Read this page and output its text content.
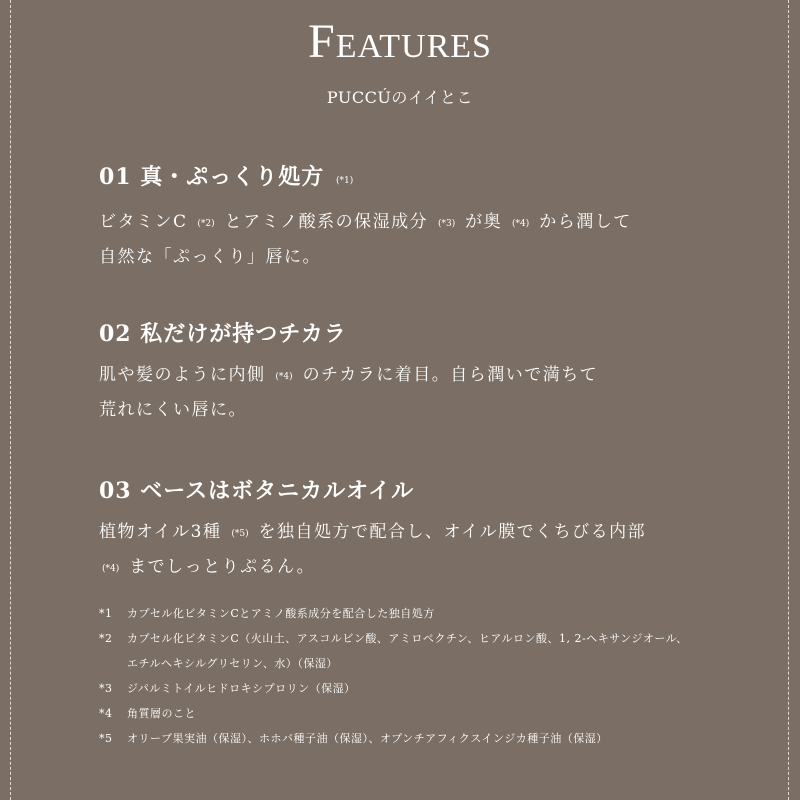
Features
PUCCÚのイイとこ
01 真・ぷっくり処方 (*1)
ビタミンC (*2) とアミノ酸系の保湿成分 (*3) が奥 (*4) から潤して
自然な「ぷっくり」唇に。
02 私だけが持つチカラ
肌や髪のように内側 (*4) のチカラに着目。自ら潤いで満ちて
荒れにくい唇に。
03 ベースはボタニカルオイル
植物オイル3種 (*5) を独自処方で配合し、オイル膜でくちびる内部
(*4) までしっとりぷるん。
*1	カプセル化ビタミンCとアミノ酸系成分を配合した独自処方
*2	カプセル化ビタミンC（火山土、アスコルビン酸、アミロペクチン、ヒアルロン酸、1, 2-ヘキサンジオール、エチルヘキシルグリセリン、水）（保湿）
*3	ジパルミトイルヒドロキシプロリン（保湿）
*4	角質層のこと
*5	オリーブ果実油（保湿）、ホホバ種子油（保湿）、オプンチアフィクスインジカ種子油（保湿）
